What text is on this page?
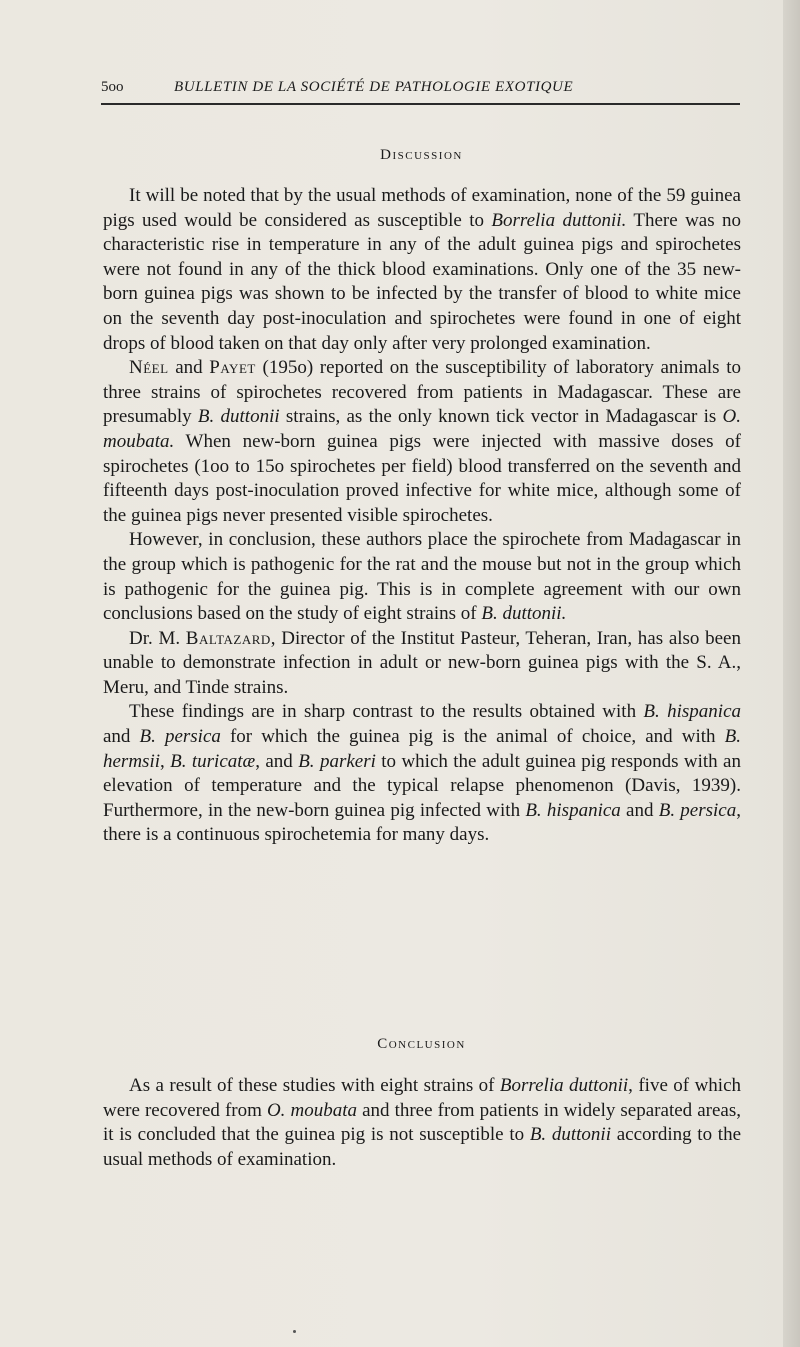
5oo	BULLETIN DE LA SOCIÉTÉ DE PATHOLOGIE EXOTIQUE
Discussion

It will be noted that by the usual methods of examination, none of the 59 guinea pigs used would be considered as susceptible to Borrelia duttonii. There was no characteristic rise in temperature in any of the adult guinea pigs and spirochetes were not found in any of the thick blood examinations. Only one of the 35 new-born guinea pigs was shown to be infected by the transfer of blood to white mice on the seventh day post-inoculation and spirochetes were found in one of eight drops of blood taken on that day only after very prolonged examination.

Néel and Payet (195o) reported on the susceptibility of laboratory animals to three strains of spirochetes recovered from patients in Madagascar. These are presumably B. duttonii strains, as the only known tick vector in Madagascar is O. moubata. When new-born guinea pigs were injected with massive doses of spirochetes (1oo to 15o spirochetes per field) blood transferred on the seventh and fifteenth days post-inoculation proved infective for white mice, although some of the guinea pigs never presented visible spirochetes.

However, in conclusion, these authors place the spirochete from Madagascar in the group which is pathogenic for the rat and the mouse but not in the group which is pathogenic for the guinea pig. This is in complete agreement with our own conclusions based on the study of eight strains of B. duttonii.

Dr. M. Baltazard, Director of the Institut Pasteur, Teheran, Iran, has also been unable to demonstrate infection in adult or new-born guinea pigs with the S. A., Meru, and Tinde strains.

These findings are in sharp contrast to the results obtained with B. hispanica and B. persica for which the guinea pig is the animal of choice, and with B. hermsii, B. turicatæ, and B. parkeri to which the adult guinea pig responds with an elevation of temperature and the typical relapse phenomenon (Davis, 1939). Furthermore, in the new-born guinea pig infected with B. hispanica and B. persica, there is a continuous spirochetemia for many days.

Conclusion

As a result of these studies with eight strains of Borrelia duttonii, five of which were recovered from O. moubata and three from patients in widely separated areas, it is concluded that the guinea pig is not susceptible to B. duttonii according to the usual methods of examination.
